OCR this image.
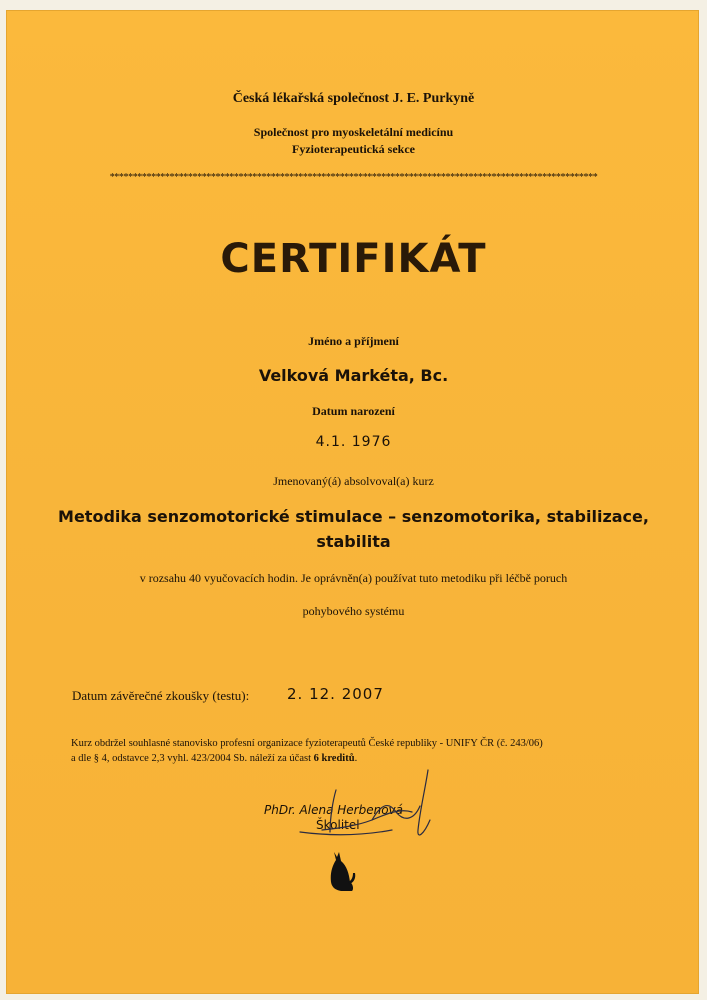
Česká lékařská společnost J. E. Purkyně
Společnost pro myoskeletální medicínu
Fyzioterapeutická sekce
**********************************************************************************************************
CERTIFIKÁT
Jméno a příjmení
Velková Markéta, Bc.
Datum narození
4.1. 1976
Jmenovaný(á) absolvoval(a) kurz
Metodika senzomotorické stimulace – senzomotorika, stabilizace,
stabilita
v rozsahu 40 vyučovacích hodin. Je oprávněn(a) používat tuto metodiku při léčbě poruch
pohybového systému
Datum závěrečné zkoušky (testu):	2. 12. 2007
Kurz obdržel souhlasné stanovisko profesní organizace fyzioterapeutů České republiky - UNIFY ČR (č. 243/06)
a dle § 4, odstavce 2,3 vyhl. 423/2004 Sb. náleží za účast 6 kreditů.
PhDr. Alena Herbenová
Školitel
